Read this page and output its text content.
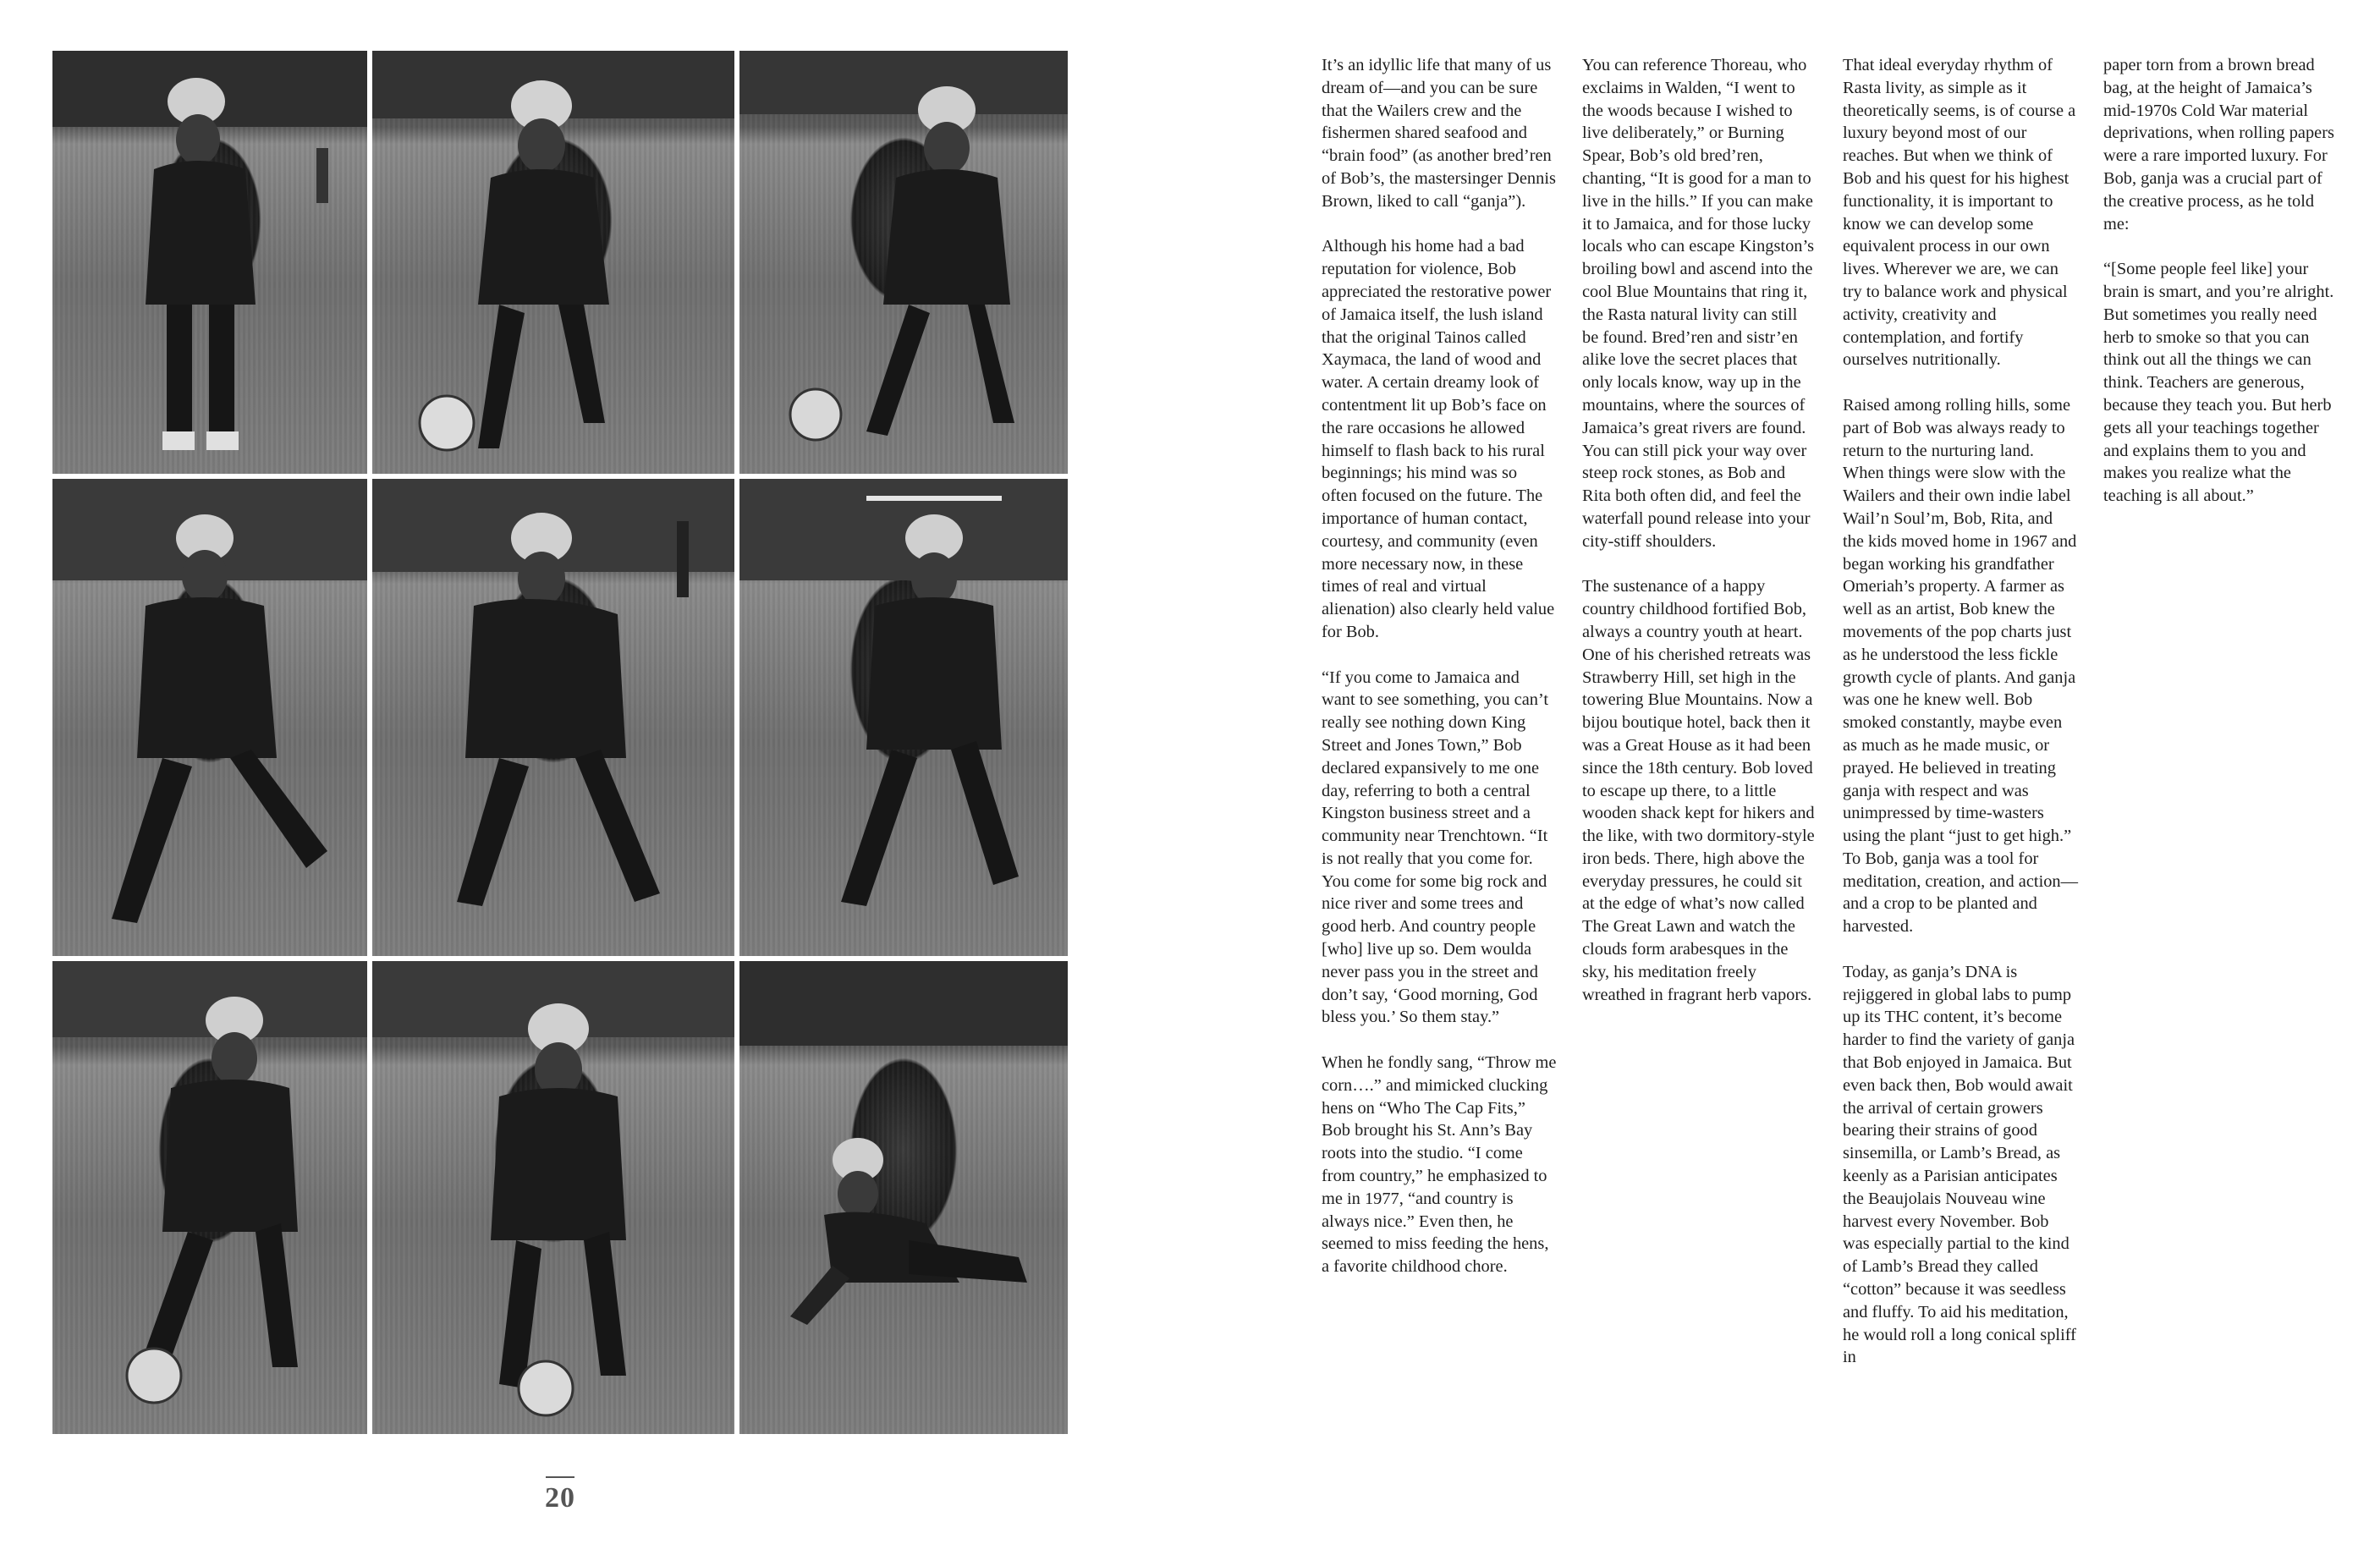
20

It’s an idyllic life that many of us dream of—and you can be sure that the Wailers crew and the fishermen shared seafood and “brain food” (as another bred’ren of Bob’s, the mastersinger Dennis Brown, liked to call “ganja”).

Although his home had a bad reputation for violence, Bob appreciated the restorative power of Jamaica itself, the lush island that the original Tainos called Xaymaca, the land of wood and water. A certain dreamy look of contentment lit up Bob’s face on the rare occasions he allowed himself to flash back to his rural beginnings; his mind was so often focused on the future. The importance of human contact, courtesy, and community (even more necessary now, in these times of real and virtual alienation) also clearly held value for Bob.

“If you come to Jamaica and want to see something, you can’t really see nothing down King Street and Jones Town,” Bob declared expansively to me one day, referring to both a central Kingston business street and a community near Trenchtown. “It is not really that you come for. You come for some big rock and nice river and some trees and good herb. And country people [who] live up so. Dem woulda never pass you in the street and don’t say, ‘Good morning, God bless you.’ So them stay.”

When he fondly sang, “Throw me corn….” and mimicked clucking hens on “Who The Cap Fits,” Bob brought his St. Ann’s Bay roots into the studio. “I come from country,” he emphasized to me in 1977, “and country is always nice.” Even then, he seemed to miss feeding the hens, a favorite childhood chore.

You can reference Thoreau, who exclaims in Walden, “I went to the woods because I wished to live deliberately,” or Burning Spear, Bob’s old bred’ren, chanting, “It is good for a man to live in the hills.” If you can make it to Jamaica, and for those lucky locals who can escape Kingston’s broiling bowl and ascend into the cool Blue Mountains that ring it, the Rasta natural livity can still be found. Bred’ren and sistr’en alike love the secret places that only locals know, way up in the mountains, where the sources of Jamaica’s great rivers are found. You can still pick your way over steep rock stones, as Bob and Rita both often did, and feel the waterfall pound release into your city-stiff shoulders.

The sustenance of a happy country childhood fortified Bob, always a country youth at heart. One of his cherished retreats was Strawberry Hill, set high in the towering Blue Mountains. Now a bijou boutique hotel, back then it was a Great House as it had been since the 18th century. Bob loved to escape up there, to a little wooden shack kept for hikers and the like, with two dormitory-style iron beds. There, high above the everyday pressures, he could sit at the edge of what’s now called The Great Lawn and watch the clouds form arabesques in the sky, his meditation freely wreathed in fragrant herb vapors.

That ideal everyday rhythm of Rasta livity, as simple as it theoretically seems, is of course a luxury beyond most of our reaches. But when we think of Bob and his quest for his highest functionality, it is important to know we can develop some equivalent process in our own lives. Wherever we are, we can try to balance work and physical activity, creativity and contemplation, and fortify ourselves nutritionally.

Raised among rolling hills, some part of Bob was always ready to return to the nurturing land. When things were slow with the Wailers and their own indie label Wail’n Soul’m, Bob, Rita, and the kids moved home in 1967 and began working his grandfather Omeriah’s property. A farmer as well as an artist, Bob knew the movements of the pop charts just as he understood the less fickle growth cycle of plants. And ganja was one he knew well. Bob smoked constantly, maybe even as much as he made music, or prayed. He believed in treating ganja with respect and was unimpressed by time-wasters using the plant “just to get high.” To Bob, ganja was a tool for meditation, creation, and action—and a crop to be planted and harvested.

Today, as ganja’s DNA is rejiggered in global labs to pump up its THC content, it’s become harder to find the variety of ganja that Bob enjoyed in Jamaica. But even back then, Bob would await the arrival of certain growers bearing their strains of good sinsemilla, or Lamb’s Bread, as keenly as a Parisian anticipates the Beaujolais Nouveau wine harvest every November. Bob was especially partial to the kind of Lamb’s Bread they called “cotton” because it was seedless and fluffy. To aid his meditation, he would roll a long conical spliff in

paper torn from a brown bread bag, at the height of Jamaica’s mid-1970s Cold War material deprivations, when rolling papers were a rare imported luxury. For Bob, ganja was a crucial part of the creative process, as he told me:

“[Some people feel like] your brain is smart, and you’re alright. But sometimes you really need herb to smoke so that you can think out all the things we can think. Teachers are generous, because they teach you. But herb gets all your teachings together and explains them to you and makes you realize what the teaching is all about.”
